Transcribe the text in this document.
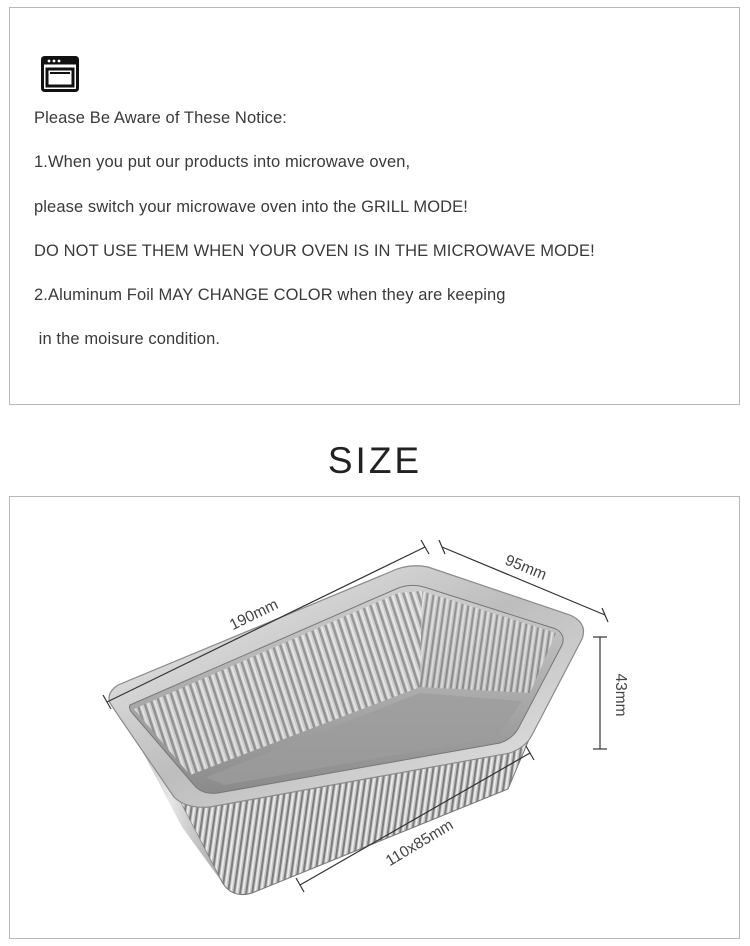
Please Be Aware of These Notice:
1.When you put our products into microwave oven,
please switch your microwave oven into the GRILL MODE!
DO NOT USE THEM WHEN YOUR OVEN IS IN THE MICROWAVE MODE!
2.Aluminum Foil MAY CHANGE COLOR when they are keeping
in the moisure condition.
SIZE
190mm
95mm
43mm
110x85mm
